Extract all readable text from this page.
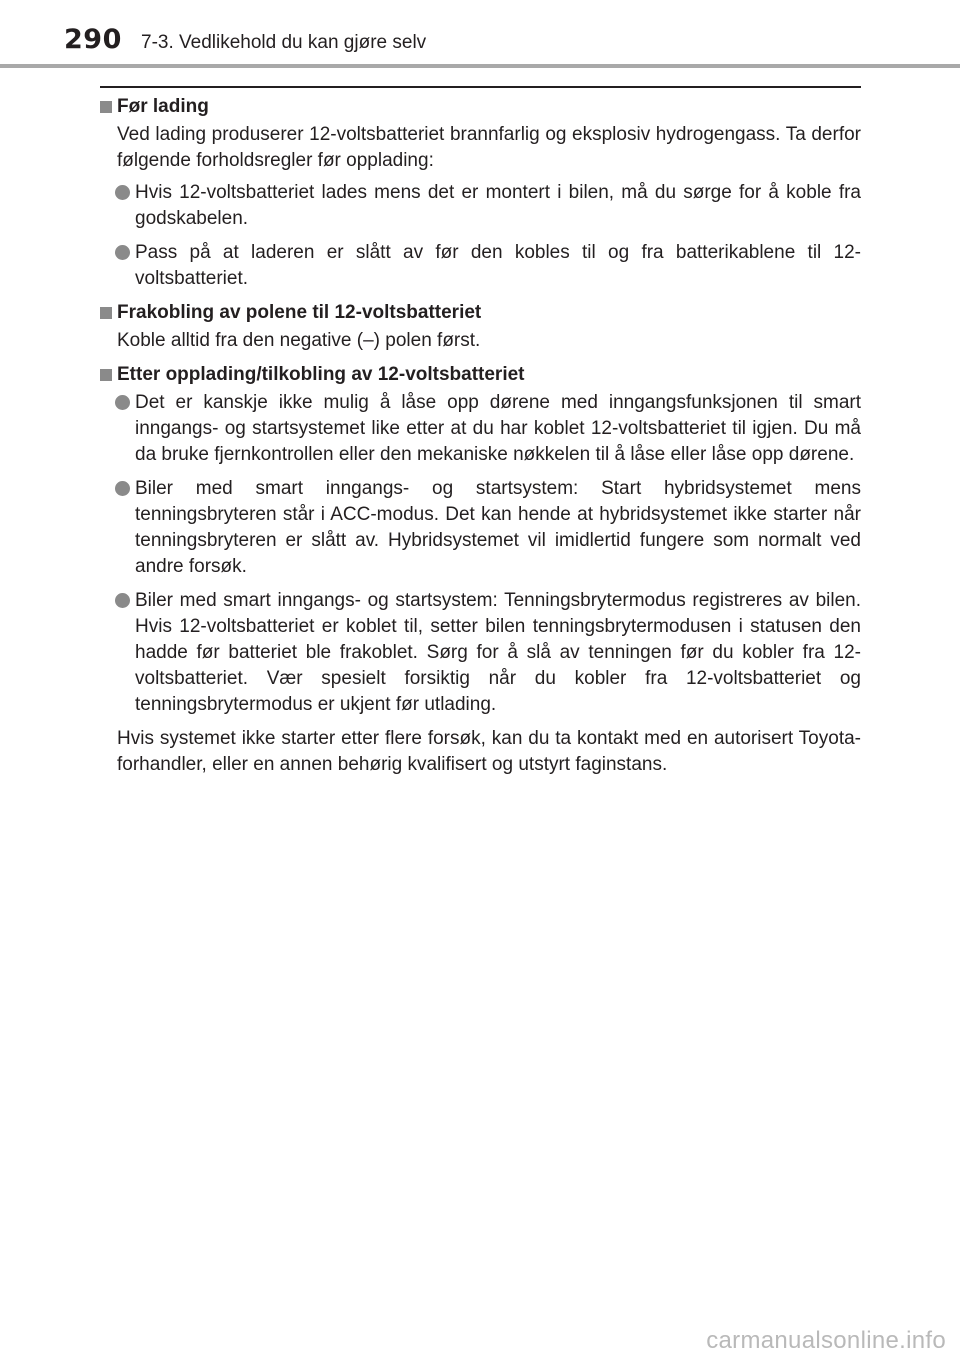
290 7-3. Vedlikehold du kan gjøre selv
Før lading
Ved lading produserer 12-voltsbatteriet brannfarlig og eksplosiv hydrogengass. Ta derfor følgende forholdsregler før opplading:
Hvis 12-voltsbatteriet lades mens det er montert i bilen, må du sørge for å koble fra godskabelen.
Pass på at laderen er slått av før den kobles til og fra batterikablene til 12-voltsbatteriet.
Frakobling av polene til 12-voltsbatteriet
Koble alltid fra den negative (–) polen først.
Etter opplading/tilkobling av 12-voltsbatteriet
Det er kanskje ikke mulig å låse opp dørene med inngangsfunksjonen til smart inngangs- og startsystemet like etter at du har koblet 12-voltsbatteriet til igjen. Du må da bruke fjernkontrollen eller den mekaniske nøkkelen til å låse eller låse opp dørene.
Biler med smart inngangs- og startsystem: Start hybridsystemet mens tenningsbryteren står i ACC-modus. Det kan hende at hybridsystemet ikke starter når tenningsbryteren er slått av. Hybridsystemet vil imidlertid fungere som normalt ved andre forsøk.
Biler med smart inngangs- og startsystem: Tenningsbrytermodus registreres av bilen. Hvis 12-voltsbatteriet er koblet til, setter bilen tenningsbrytermodusen i statusen den hadde før batteriet ble frakoblet. Sørg for å slå av tenningen før du kobler fra 12-voltsbatteriet. Vær spesielt forsiktig når du kobler fra 12-voltsbatteriet og tenningsbrytermodus er ukjent før utlading.
Hvis systemet ikke starter etter flere forsøk, kan du ta kontakt med en autorisert Toyota-forhandler, eller en annen behørig kvalifisert og utstyrt faginstans.
carmanualsonline.info
